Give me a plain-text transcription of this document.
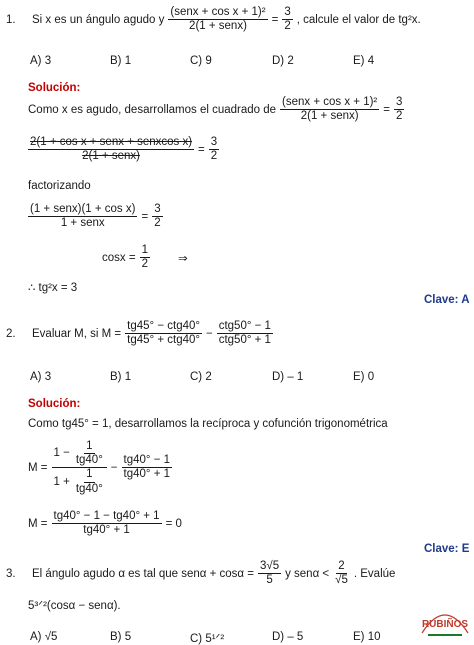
1.	Si x es un ángulo agudo y $\frac{\text{(senx + cos x + 1)²}}{\text{2(1 + senx)}} = \frac{3}{2}$ , calcule el valor de tg²x.
A) 3	B) 1	C) 9	D) 2	E) 4
Solución:
Como x es agudo, desarrollamos el cuadrado de $\frac{\text{(senx + cos x + 1)²}}{\text{2(1 + senx)}} = \frac{3}{2}$
$\frac{\text{2(1 + cos x + senx + senxcos x)}}{\text{2(1 + senx)}} = \frac{3}{2}$
factorizando
$\frac{\text{(1 + senx)(1 + cos x)}}{\text{1 + senx}} = \frac{3}{2}$
$\cos x = \frac{1}{2}$ ⇒
∴ tg²x = 3
Clave: A
2.	Evaluar M, si $M = \frac{\text{tg45° − ctg40°}}{\text{tg45° + ctg40°}} - \frac{\text{ctg50° − 1}}{\text{ctg50° + 1}}$
A) 3	B) 1	C) 2	D) – 1	E) 0
Solución:
Como tg45° = 1, desarrollamos la recíproca y cofunción trigonométrica
$M = \frac{1 - \frac{1}{tg40^\circ}}{1 + \frac{1}{tg40^\circ}} - \frac{tg40^\circ - 1}{tg40^\circ + 1}$
$M = \frac{tg40^\circ - 1 - tg40^\circ + 1}{tg40^\circ + 1} = 0$
Clave: E
3.	El ángulo agudo α es tal que $sen\alpha + \cos\alpha = \frac{3√5}{5}$ y $sen\alpha < \frac{2}{√5}$ . Evalúe
5³ᐟ²(cosα − senα).
A) √5	B) 5	C) 5¹ᐟ²	D) – 5	E) 10
RUBIÑOS
